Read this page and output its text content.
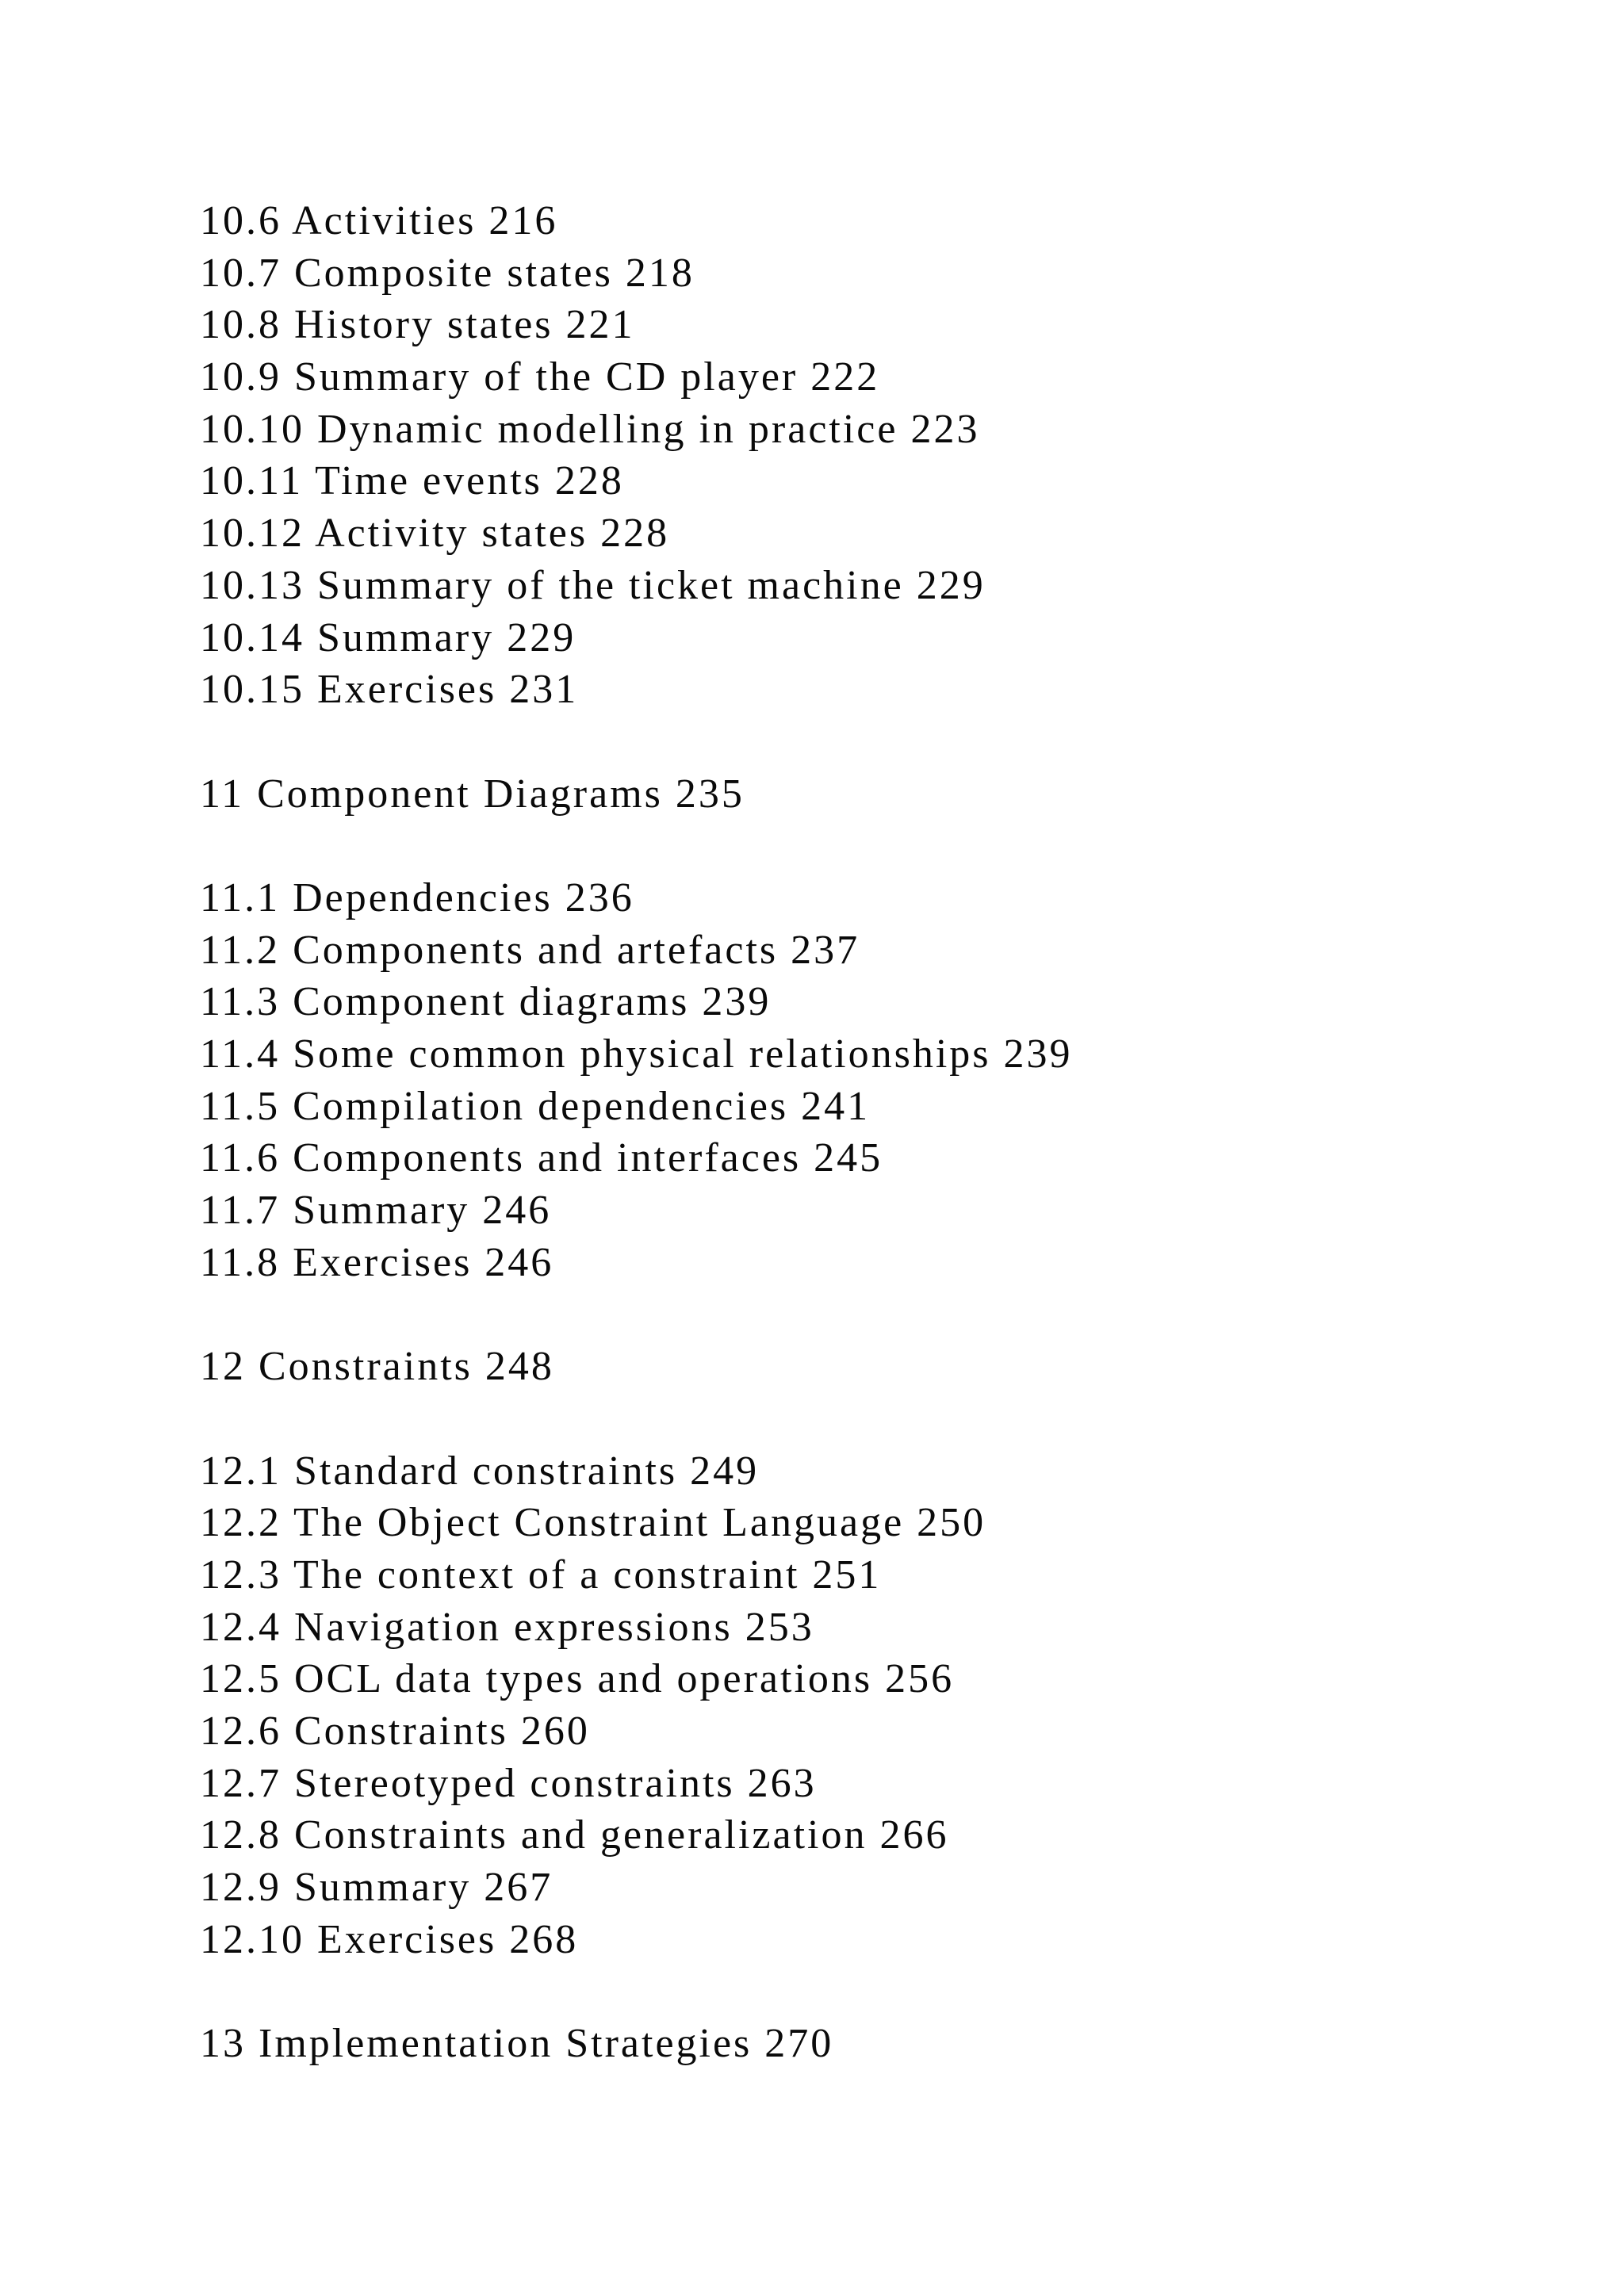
10.6 Activities 216
10.7 Composite states 218
10.8 History states 221
10.9 Summary of the CD player 222
10.10 Dynamic modelling in practice 223
10.11 Time events 228
10.12 Activity states 228
10.13 Summary of the ticket machine 229
10.14 Summary 229
10.15 Exercises 231
11 Component Diagrams 235
11.1 Dependencies 236
11.2 Components and artefacts 237
11.3 Component diagrams 239
11.4 Some common physical relationships 239
11.5 Compilation dependencies 241
11.6 Components and interfaces 245
11.7 Summary 246
11.8 Exercises 246
12 Constraints 248
12.1 Standard constraints 249
12.2 The Object Constraint Language 250
12.3 The context of a constraint 251
12.4 Navigation expressions 253
12.5 OCL data types and operations 256
12.6 Constraints 260
12.7 Stereotyped constraints 263
12.8 Constraints and generalization 266
12.9 Summary 267
12.10 Exercises 268
13 Implementation Strategies 270
